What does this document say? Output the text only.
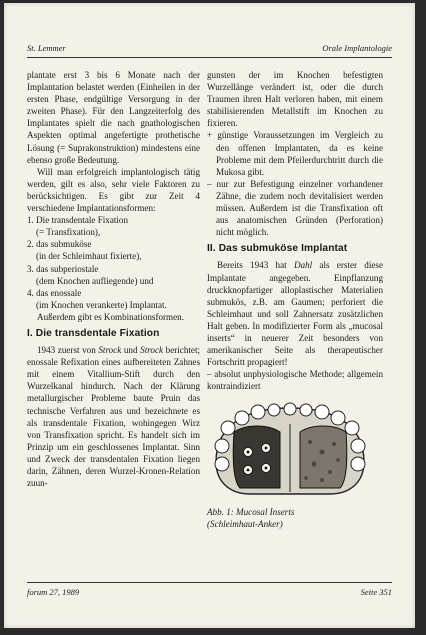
St. Lemmer	Orale Implantologie

plantate erst 3 bis 6 Monate nach der Implantation belastet werden (Einheilen in der ersten Phase, endgültige Versorgung in der zweiten Phase). Für den Langzeiterfolg des Implantates spielt die nach gnathologischen Aspekten optimal angefertigte prothetische Lösung (= Suprakonstruktion) mindestens eine ebenso große Bedeutung.

Will man erfolgreich implantologisch tätig werden, gilt es also, sehr viele Faktoren zu berücksichtigen. Es gibt zur Zeit 4 verschiedene Implantationsformen:

1. Die transdentale Fixation
(= Transfixation),
2. das submuköse
(in der Schleimhaut fixierte),
3. das subperiostale
(dem Knochen aufliegende) und
4. das enossale
(im Knochen verankerte) Implantat.

Außerdem gibt es Kombinationsformen.

I. Die transdentale Fixation

1943 zuerst von Strock und Strock berichtet; enossale Refixation eines aufbereiteten Zahnes mit einem Vitallium-Stift durch den Wurzelkanal hindurch. Nach der Klärung metallurgischer Probleme baute Pruin das technische Verfahren aus und bezeichnete es als transdentale Fixation, wohingegen Wirz von Transfixation spricht. Es handelt sich im Prinzip um ein geschlossenes Implantat. Sinn und Zweck der transdentalen Fixation liegen darin, Zähnen, deren Wurzel-Kronen-Relation zuun-

gunsten der im Knochen befestigten Wurzellänge verändert ist, oder die durch Traumen ihren Halt verloren haben, mit einem stabilisierenden Metallstift im Knochen zu fixieren.

+ günstige Voraussetzungen im Vergleich zu den offenen Implantaten, da es keine Probleme mit dem Pfeilerdurchtritt durch die Mukosa gibt.
– nur zur Befestigung einzelner vorhandener Zähne, die zudem noch devitalisiert werden müssen. Außerdem ist die Transfixation oft aus anatomischen Gründen (Perforation) nicht möglich.
II. Das submuköse Implantat

Bereits 1943 hat Dahl als erster diese Implantate angegeben. Einpflanzung druckknopfartiger alloplastischer Materialien submukös, z.B. am Gaumen; perforiert die Schleimhaut und soll Zahnersatz zusätzlichen Halt geben. In modifizierter Form als „mucosal inserts“ in neuerer Zeit besonders von amerikanischer Seite als therapeutischer Fortschritt propagiert!

– absolut unphysiologische Methode; allgemein kontraindiziert

Abb. 1: Mucosal Inserts
(Schleimhaut-Anker)
forum 27, 1989	Seite 351
